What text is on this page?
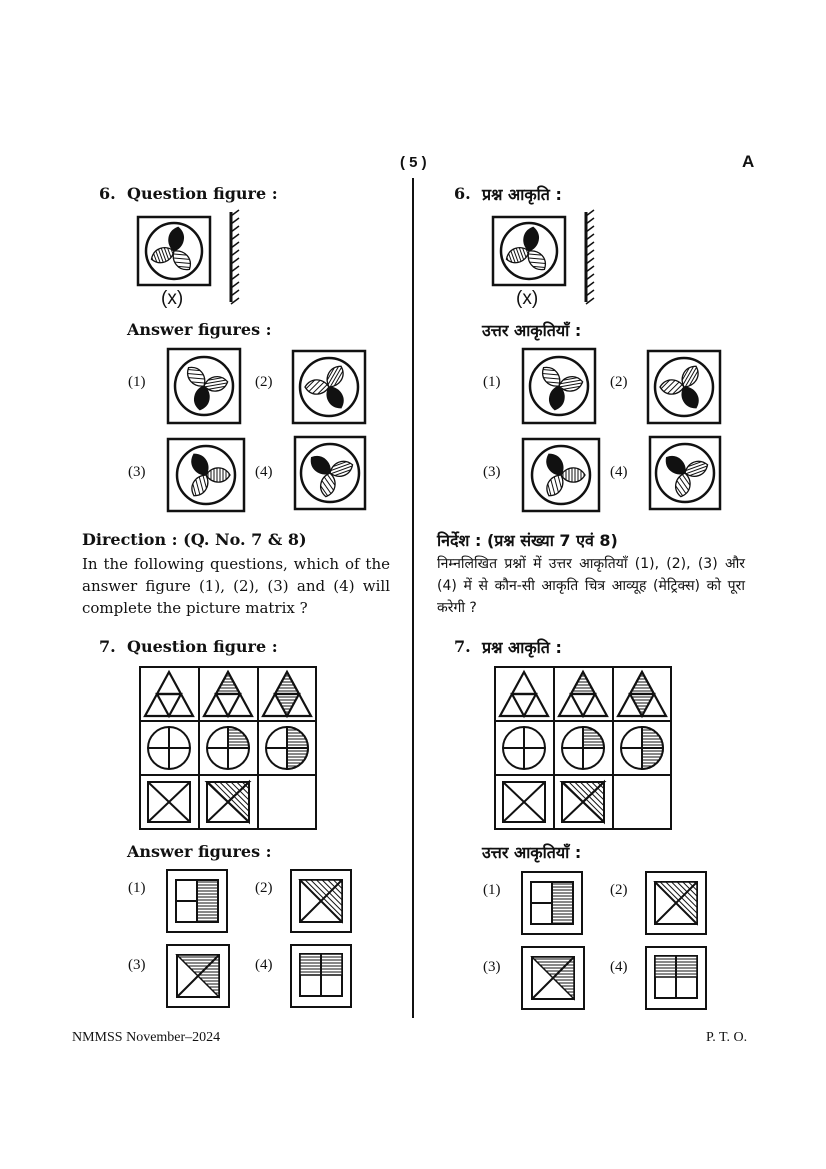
( 5 )	A
6. Question figure :
(x)
Answer figures :
(1)	(2)
(3)	(4)
Direction : (Q. No. 7 & 8)
In the following questions, which of the answer figure (1), (2), (3) and (4) will complete the picture matrix ?
7. Question figure :
Answer figures :
(1)	(2)
(3)	(4)
6. प्रश्न आकृति :
(x)
उत्तर आकृतियाँ :
(1)	(2)
(3)	(4)
निर्देश : (प्रश्न संख्या 7 एवं 8)
निम्नलिखित प्रश्नों में उत्तर आकृतियाँ (1), (2), (3) और (4) में से कौन-सी आकृति चित्र आव्यूह (मेट्रिक्स) को पूरा करेगी ?
7. प्रश्न आकृति :
उत्तर आकृतियाँ :
(1)	(2)
(3)	(4)
NMMSS November–2024	P. T. O.
